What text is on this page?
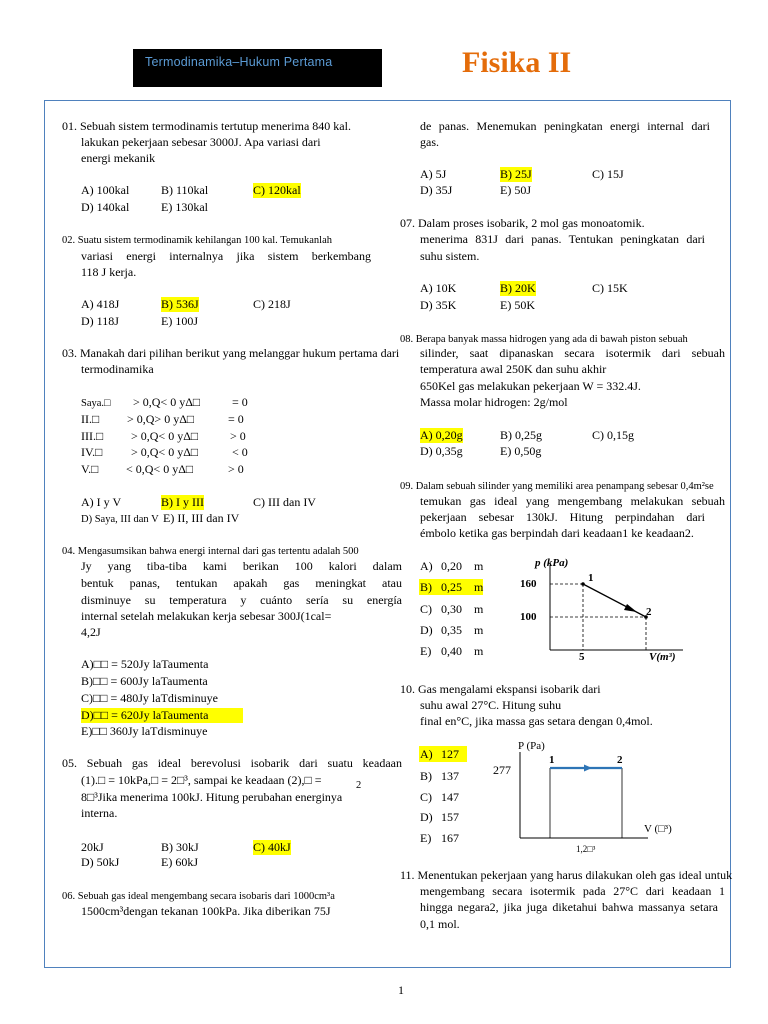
Termodinamika–Hukum Pertama	Fisika II
01. Sebuah sistem termodinamis tertutup menerima 840 kal.
lakukan pekerjaan sebesar 3000J. Apa variasi dari
energi mekanik
A) 100kal	B) 110kal	C) 120kal
D) 140kal	E) 130kal
02. Suatu sistem termodinamik kehilangan 100 kal. Temukanlah
variasi energi internalnya jika sistem berkembang
118 J kerja.
A) 418J	B) 536J	C) 218J
D) 118J	E) 100J
03. Manakah dari pilihan berikut yang melanggar hukum pertama dari
termodinamika
Saya.□ > 0,Q< 0 yΔ□	= 0
II.□ > 0,Q> 0 yΔ□	= 0
III.□ > 0,Q< 0 yΔ□	> 0
IV.□ > 0,Q< 0 yΔ□	< 0
V.□ < 0,Q< 0 yΔ□	> 0
A) I y V	B) I y III	C) III dan IV
D) Saya, III dan V E) II, III dan IV
04. Mengasumsikan bahwa energi internal dari gas tertentu adalah 500
Jy yang tiba-tiba kami berikan 100 kalori dalam
bentuk panas, tentukan apakah gas meningkat atau
disminuye su temperatura y cuánto sería su energía
internal setelah melakukan kerja sebesar 300J(1cal=
4,2J
A)□□ = 520Jy laTaumenta
B)□□ = 600Jy laTaumenta
C)□□ = 480Jy laTdisminuye
D)□□ = 620Jy laTaumenta
E)□□ 360Jy laTdisminuye
05. Sebuah gas ideal berevolusi isobarik dari suatu keadaan
(1).□ = 10kPa,□ = 2□³, sampai ke keadaan (2),□ =	2
8□³Jika menerima 100kJ. Hitung perubahan energinya
interna.
20kJ	B) 30kJ	C) 40kJ
D) 50kJ	E) 60kJ
06. Sebuah gas ideal mengembang secara isobaris dari 1000cm³a
1500cm³dengan tekanan 100kPa. Jika diberikan 75J
de panas. Menemukan peningkatan energi internal dari
gas.
A) 5J	B) 25J	C) 15J
D) 35J	E) 50J
07. Dalam proses isobarik, 2 mol gas monoatomik.
menerima 831J dari panas. Tentukan peningkatan dari
suhu sistem.
A) 10K	B) 20K	C) 15K
D) 35K	E) 50K
08. Berapa banyak massa hidrogen yang ada di bawah piston sebuah
silinder, saat dipanaskan secara isotermik dari sebuah
temperatura awal 250K dan suhu akhir
650Kel gas melakukan pekerjaan W = 332.4J.
Massa molar hidrogen: 2g/mol
A) 0,20g	B) 0,25g	C) 0,15g
D) 0,35g	E) 0,50g
09. Dalam sebuah silinder yang memiliki area penampang sebesar 0,4m²se
temukan gas ideal yang mengembang melakukan sebuah
pekerjaan sebesar 130kJ. Hitung perpindahan dari
émbolo ketika gas berpindah dari keadaan1 ke keadaan2.
A) 0,20 m
B) 0,25 m
C) 0,30 m
D) 0,35 m
E) 0,40 m
p (kPa)
160
100
1
2
5	V(m³)
10. Gas mengalami ekspansi isobarik dari
suhu awal 27°C. Hitung suhu
final en°C, jika massa gas setara dengan 0,4mol.
A) 127
B) 137
C) 147
D) 157
E) 167
P (Pa)
277
1	2
V (□³)
1,2□³
11. Menentukan pekerjaan yang harus dilakukan oleh gas ideal untuk
mengembang secara isotermik pada 27°C dari keadaan 1
hingga negara2, jika juga diketahui bahwa massanya setara
0,1 mol.
1
